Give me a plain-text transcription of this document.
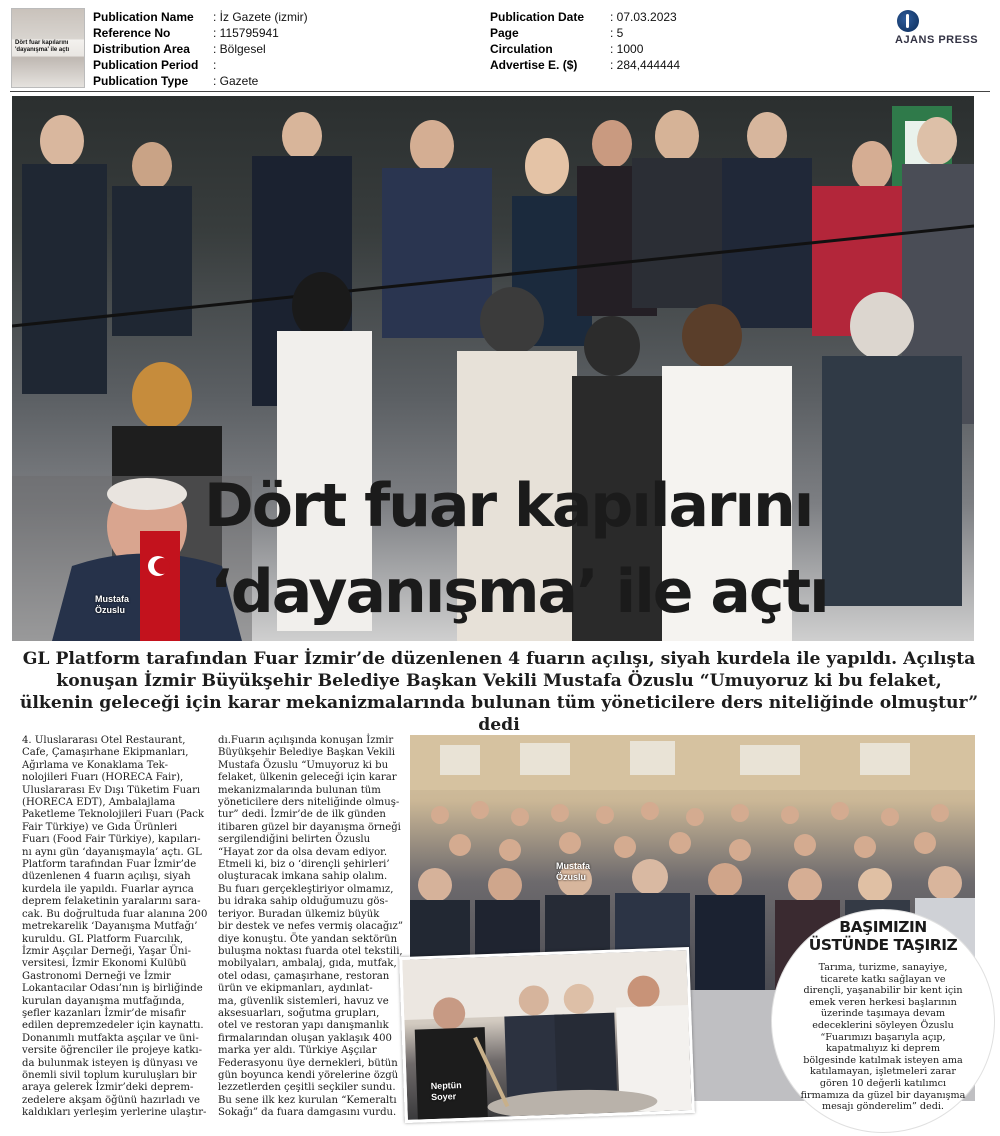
Dört fuar kapılarını 'dayanışma' ile açtı
Publication Name	: İz Gazete (izmir)
Reference No	: 115795941
Distribution Area	: Bölgesel
Publication Period	:
Publication Type	: Gazete
Publication Date	: 07.03.2023
Page	: 5
Circulation	: 1000
Advertise E. ($)	: 284,444444
AJANS PRESS
Mustafa
Özuslu
Dört fuar kapılarını
‘dayanışma’ ile açtı
GL Platform tarafından Fuar İzmir’de düzenlenen 4 fuarın açılışı, siyah kurdela ile yapıldı. Açılışta konuşan İzmir Büyükşehir Belediye Başkan Vekili Mustafa Özuslu “Umuyoruz ki bu felaket, ülkenin geleceği için karar mekanizmalarında bulunan tüm yöneticilere ders niteliğinde olmuştur” dedi
4. Uluslararası Otel Restaurant,
Cafe, Çamaşırhane Ekipmanları,
Ağırlama ve Konaklama Tek-
nolojileri Fuarı (HORECA Fair),
Uluslararası Ev Dışı Tüketim Fuarı
(HORECA EDT), Ambalajlama
Paketleme Teknolojileri Fuarı (Pack
Fair Türkiye) ve Gıda Ürünleri
Fuarı (Food Fair Türkiye), kapıları-
nı aynı gün ‘dayanışmayla’ açtı. GL
Platform tarafından Fuar İzmir’de
düzenlenen 4 fuarın açılışı, siyah
kurdela ile yapıldı. Fuarlar ayrıca
deprem felaketinin yaralarını sara-
cak. Bu doğrultuda fuar alanına 200
metrekarelik ‘Dayanışma Mutfağı’
kuruldu. GL Platform Fuarcılık,
İzmir Aşçılar Derneği, Yaşar Üni-
versitesi, İzmir Ekonomi Kulübü
Gastronomi Derneği ve İzmir
Lokantacılar Odası’nın iş birliğinde
kurulan dayanışma mutfağında,
şefler kazanları İzmir’de misafir
edilen depremzedeler için kaynattı.
Donanımlı mutfakta aşçılar ve üni-
versite öğrenciler ile projeye katkı-
da bulunmak isteyen iş dünyası ve
önemli sivil toplum kuruluşları bir
araya gelerek İzmir’deki deprem-
zedelere akşam öğünü hazırladı ve
kaldıkları yerleşim yerlerine ulaştır-
dı.Fuarın açılışında konuşan İzmir
Büyükşehir Belediye Başkan Vekili
Mustafa Özuslu “Umuyoruz ki bu
felaket, ülkenin geleceği için karar
mekanizmalarında bulunan tüm
yöneticilere ders niteliğinde olmuş-
tur” dedi. İzmir’de de ilk günden
itibaren güzel bir dayanışma örneği
sergilendiğini belirten Özuslu
“Hayat zor da olsa devam ediyor.
Etmeli ki, biz o ‘dirençli şehirleri’
oluşturacak imkana sahip olalım.
Bu fuarı gerçekleştiriyor olmamız,
bu idraka sahip olduğumuzu gös-
teriyor. Buradan ülkemiz büyük
bir destek ve nefes vermiş olacağız”
diye konuştu. Öte yandan sektörün
buluşma noktası fuarda otel tekstili,
mobilyaları, ambalaj, gıda, mutfak,
otel odası, çamaşırhane, restoran
ürün ve ekipmanları, aydınlat-
ma, güvenlik sistemleri, havuz ve
aksesuarları, soğutma grupları,
otel ve restoran yapı danışmanlık
firmalarından oluşan yaklaşık 400
marka yer aldı. Türkiye Aşçılar
Federasyonu üye dernekleri, bütün
gün boyunca kendi yörelerine özgü
lezzetlerden çeşitli seçkiler sundu.
Bu sene ilk kez kurulan “Kemeraltı
Sokağı” da fuara damgasını vurdu.
Mustafa
Özuslu
Neptün
Soyer
BAŞIMIZIN
ÜSTÜNDE TAŞIRIZ
Tarıma, turizme, sanayiye, ticarete katkı sağlayan ve dirençli, yaşanabilir bir kent için emek veren herkesi başlarının üzerinde taşımaya devam edeceklerini söyleyen Özuslu “Fuarımızı başarıyla açıp, kapatmalıyız ki deprem bölgesinde katılmak isteyen ama katılamayan, işletmeleri zarar gören 10 değerli katılımcı firmamıza da güzel bir dayanışma mesajı gönderelim” dedi.
